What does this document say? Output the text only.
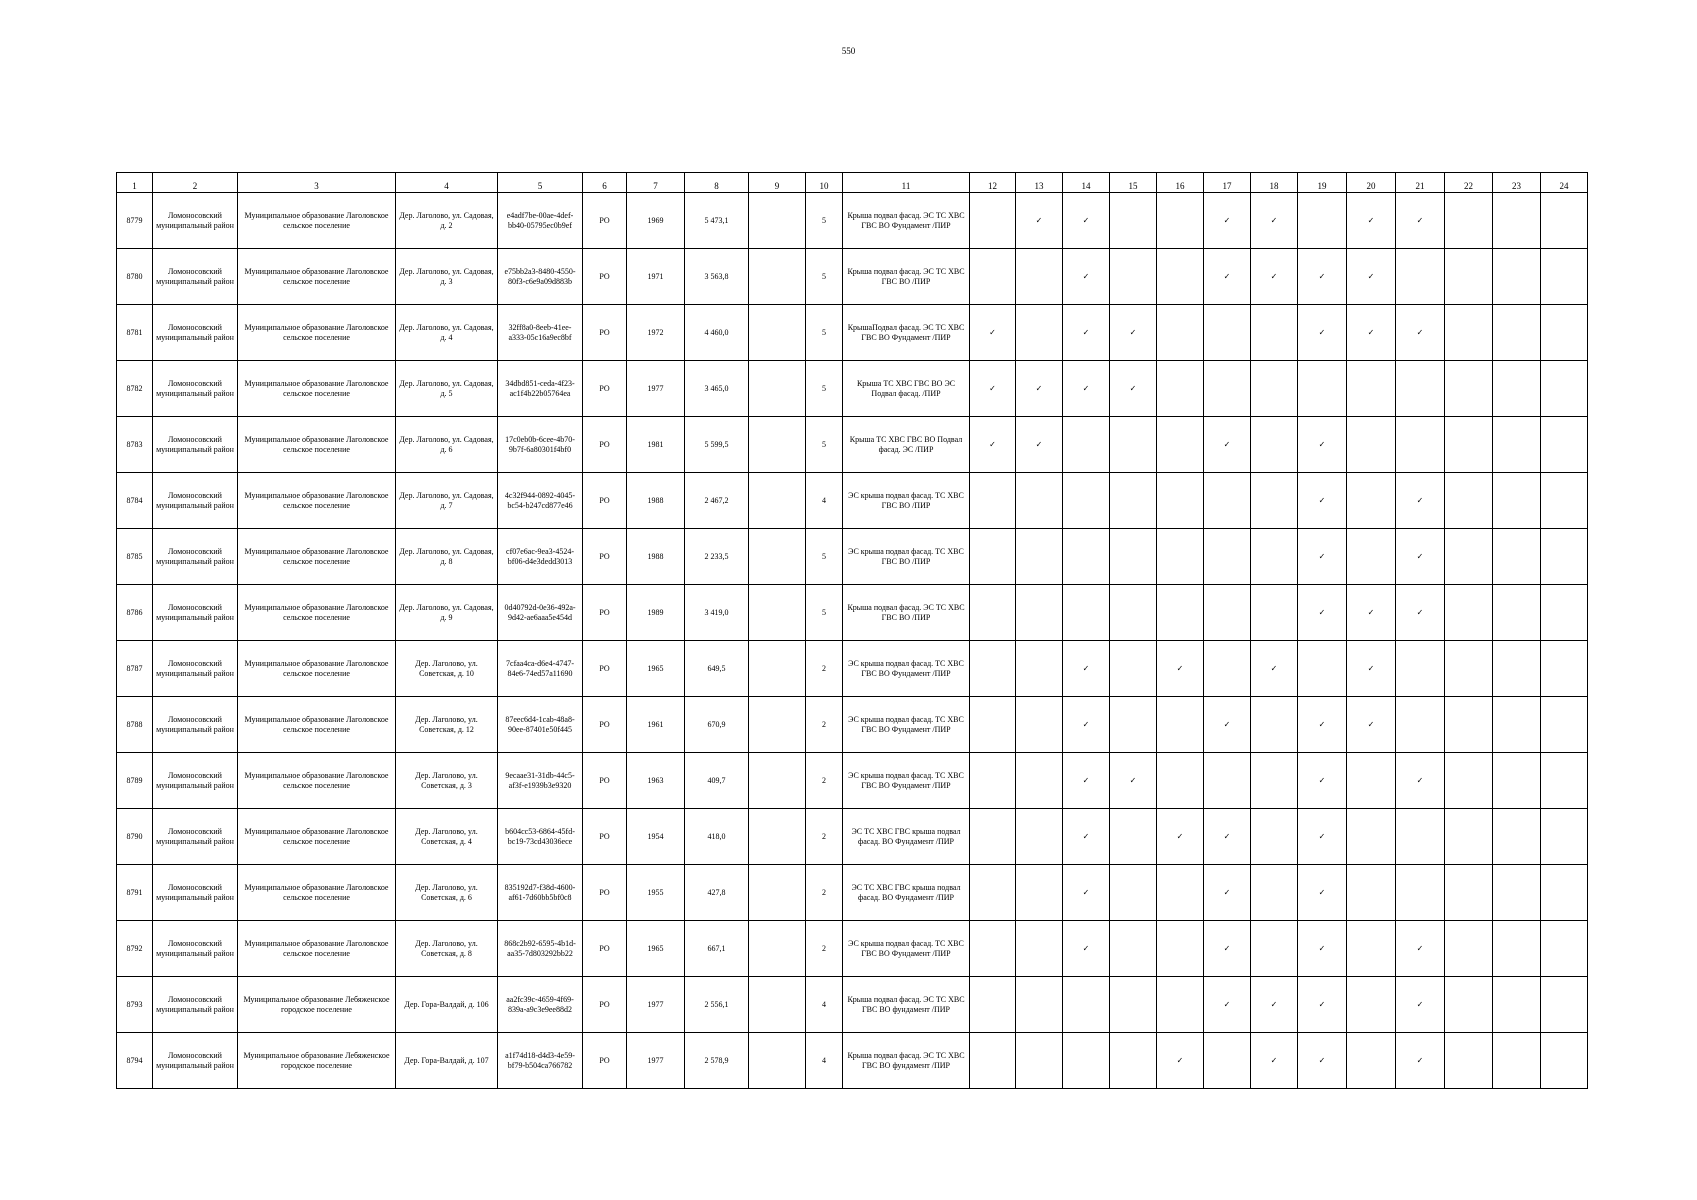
550
1	2	3	4	5	6	7	8	9	10	11	12	13	14	15	16	17	18	19	20	21	22	23	24
8779	Ломоносовский муниципальный район	Муниципальное образование Лаголовское сельское поселение	Дер. Лаголово, ул. Садовая, д. 2	e4adf7be-00ae-4def-bb40-05795ec0b9ef	РО	1969	5 473,1		5	Крыша подвал фасад. ЭС ТС ХВС ГВС ВО Фундамент /ПИР		✓	✓			✓	✓		✓	✓			
8780	Ломоносовский муниципальный район	Муниципальное образование Лаголовское сельское поселение	Дер. Лаголово, ул. Садовая, д. 3	e75bb2a3-8480-4550-80f3-c6e9a09d883b	РО	1971	3 563,8		5	Крыша подвал фасад. ЭС ТС ХВС ГВС ВО /ПИР			✓			✓	✓	✓	✓				
8781	Ломоносовский муниципальный район	Муниципальное образование Лаголовское сельское поселение	Дер. Лаголово, ул. Садовая, д. 4	32ff8a0-8eeb-41ee-a333-05c16a9ec8bf	РО	1972	4 460,0		5	КрышаПодвал фасад. ЭС ТС ХВС ГВС ВО Фундамент /ПИР	✓		✓	✓				✓	✓	✓			
8782	Ломоносовский муниципальный район	Муниципальное образование Лаголовское сельское поселение	Дер. Лаголово, ул. Садовая, д. 5	34dbd851-ceda-4f23-ac1f4b22b05764ea	РО	1977	3 465,0		5	Крыша ТС ХВС ГВС ВО ЭС Подвал фасад. /ПИР	✓	✓	✓	✓									
8783	Ломоносовский муниципальный район	Муниципальное образование Лаголовское сельское поселение	Дер. Лаголово, ул. Садовая, д. 6	17c0eb0b-6cee-4b70-9b7f-6a80301f4bf0	РО	1981	5 599,5		5	Крыша ТС ХВС ГВС ВО Подвал фасад. ЭС /ПИР	✓	✓				✓		✓					
8784	Ломоносовский муниципальный район	Муниципальное образование Лаголовское сельское поселение	Дер. Лаголово, ул. Садовая, д. 7	4c32f944-0892-4045-bc54-b247cd877e46	РО	1988	2 467,2		4	ЭС крыша подвал фасад. ТС ХВС ГВС ВО /ПИР								✓		✓			
8785	Ломоносовский муниципальный район	Муниципальное образование Лаголовское сельское поселение	Дер. Лаголово, ул. Садовая, д. 8	cf07e6ac-9ea3-4524-bf06-d4e3dedd3013	РО	1988	2 233,5		5	ЭС крыша подвал фасад. ТС ХВС ГВС ВО /ПИР								✓		✓			
8786	Ломоносовский муниципальный район	Муниципальное образование Лаголовское сельское поселение	Дер. Лаголово, ул. Садовая, д. 9	0d40792d-0e36-492a-9d42-ae6aaa5e454d	РО	1989	3 419,0		5	Крыша подвал фасад. ЭС ТС ХВС ГВС ВО /ПИР								✓	✓	✓			
8787	Ломоносовский муниципальный район	Муниципальное образование Лаголовское сельское поселение	Дер. Лаголово, ул. Советская, д. 10	7cfaa4ca-d6e4-4747-84e6-74ed57a11690	РО	1965	649,5		2	ЭС крыша подвал фасад. ТС ХВС ГВС ВО Фундамент /ПИР			✓		✓		✓		✓				
8788	Ломоносовский муниципальный район	Муниципальное образование Лаголовское сельское поселение	Дер. Лаголово, ул. Советская, д. 12	87eec6d4-1cab-48a8-90ee-87401e50f445	РО	1961	670,9		2	ЭС крыша подвал фасад. ТС ХВС ГВС ВО Фундамент /ПИР			✓			✓		✓	✓				
8789	Ломоносовский муниципальный район	Муниципальное образование Лаголовское сельское поселение	Дер. Лаголово, ул. Советская, д. 3	9ecaae31-31db-44c5-af3f-e1939b3e9320	РО	1963	409,7		2	ЭС крыша подвал фасад. ТС ХВС ГВС ВО Фундамент /ПИР			✓	✓				✓		✓			
8790	Ломоносовский муниципальный район	Муниципальное образование Лаголовское сельское поселение	Дер. Лаголово, ул. Советская, д. 4	b604cc53-6864-45fd-bc19-73cd43036ece	РО	1954	418,0		2	ЭС ТС ХВС ГВС крыша подвал фасад. ВО Фундамент /ПИР			✓		✓	✓		✓					
8791	Ломоносовский муниципальный район	Муниципальное образование Лаголовское сельское поселение	Дер. Лаголово, ул. Советская, д. 6	835192d7-f38d-4600-af61-7d60bb5bf0c8	РО	1955	427,8		2	ЭС ТС ХВС ГВС крыша подвал фасад. ВО Фундамент /ПИР			✓			✓		✓					
8792	Ломоносовский муниципальный район	Муниципальное образование Лаголовское сельское поселение	Дер. Лаголово, ул. Советская, д. 8	868c2b92-6595-4b1d-aa35-7d803292bb22	РО	1965	667,1		2	ЭС крыша подвал фасад. ТС ХВС ГВС ВО Фундамент /ПИР			✓			✓		✓		✓			
8793	Ломоносовский муниципальный район	Муниципальное образование Лебяженское городское поселение	Дер. Гора-Валдай, д. 106	aa2fc39c-4659-4f69-839a-a9c3e9ee88d2	РО	1977	2 556,1		4	Крыша подвал фасад. ЭС ТС ХВС ГВС ВО фундамент /ПИР						✓	✓	✓		✓			
8794	Ломоносовский муниципальный район	Муниципальное образование Лебяженское городское поселение	Дер. Гора-Валдай, д. 107	a1f74d18-d4d3-4e59-bf79-b504ca766782	РО	1977	2 578,9		4	Крыша подвал фасад. ЭС ТС ХВС ГВС ВО фундамент /ПИР					✓		✓	✓		✓			
